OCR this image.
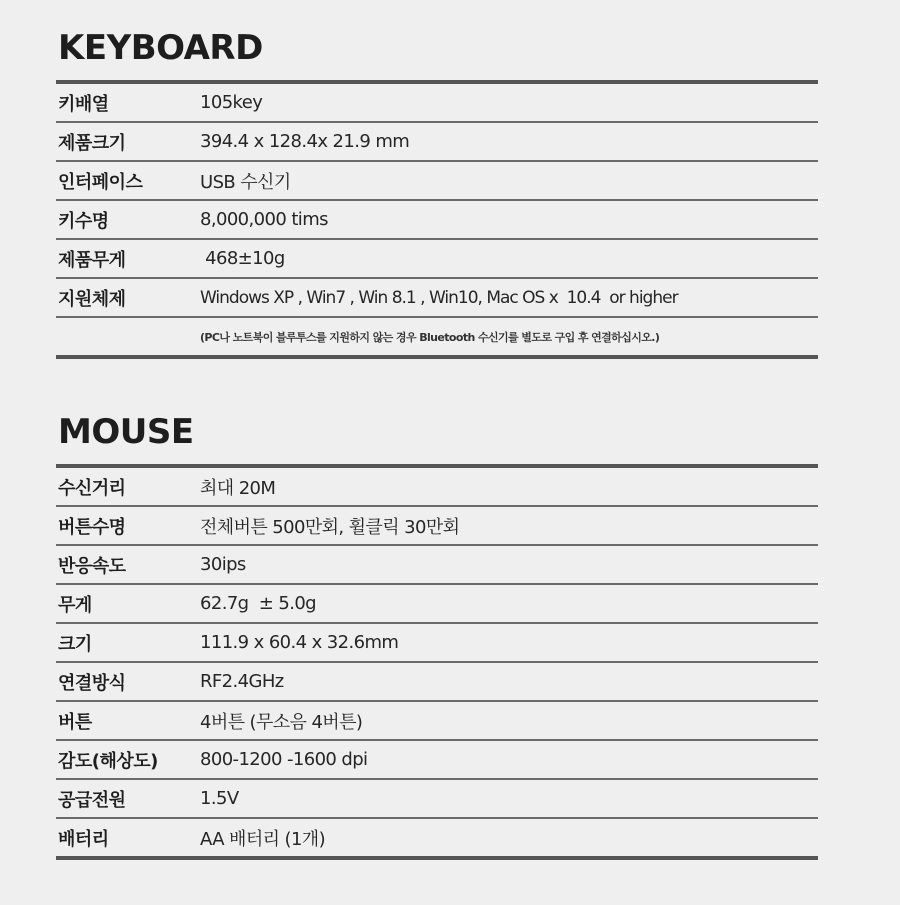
KEYBOARD
키배열	105key
제품크기	394.4 x 128.4x 21.9 mm
인터페이스	USB 수신기
키수명	8,000,000 tims
제품무게	468±10g
지원체제	Windows XP , Win7 , Win 8.1 , Win10, Mac OS x  10.4  or higher
(PC나 노트북이 블루투스를 지원하지 않는 경우 Bluetooth 수신기를 별도로 구입 후 연결하십시오.)
MOUSE
수신거리	최대 20M
버튼수명	전체버튼 500만회, 휠클릭 30만회
반응속도	30ips
무게	62.7g  ± 5.0g
크기	111.9 x 60.4 x 32.6mm
연결방식	RF2.4GHz
버튼	4버튼 (무소음 4버튼)
감도(해상도)	800-1200 -1600 dpi
공급전원	1.5V
배터리	AA 배터리 (1개)
